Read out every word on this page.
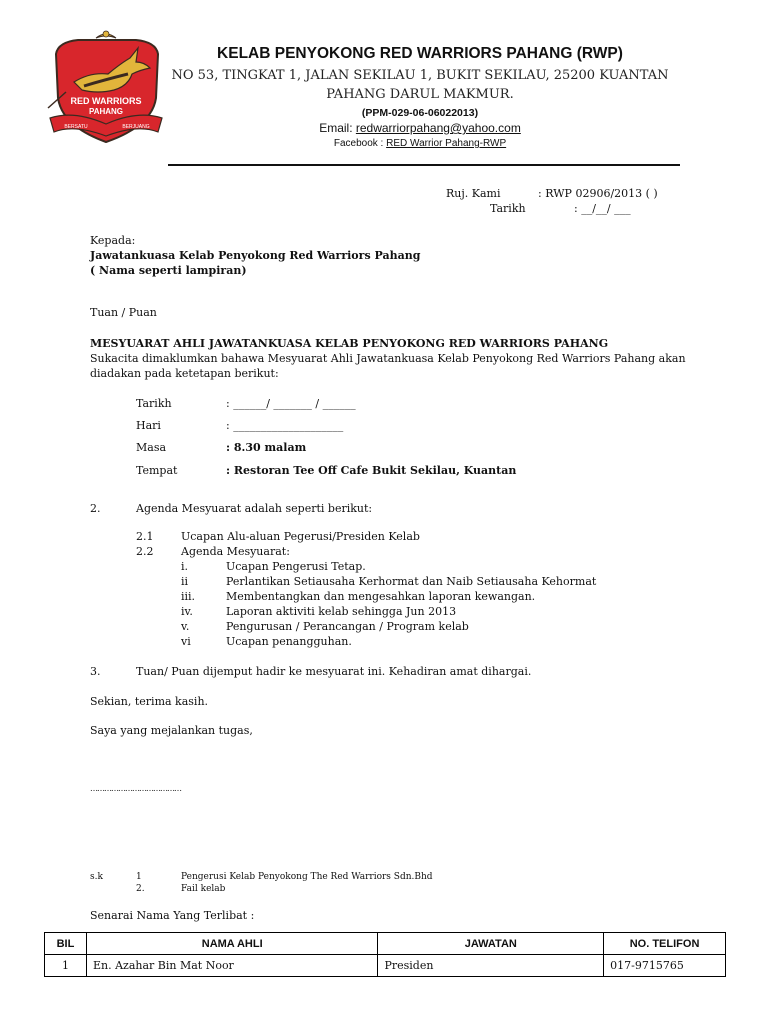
RED WARRIORS
PAHANG
BERSATU	BERJUANG
KELAB PENYOKONG RED WARRIORS PAHANG (RWP)
NO 53, TINGKAT 1, JALAN SEKILAU 1, BUKIT SEKILAU, 25200 KUANTAN
PAHANG DARUL MAKMUR.
(PPM-029-06-06022013)
Email: redwarriorpahang@yahoo.com
Facebook : RED Warrior Pahang-RWP
Ruj. Kami	: RWP 02906/2013 ( )
Tarikh	: __/__/ ___
Kepada:
Jawatankuasa Kelab Penyokong Red Warriors Pahang
( Nama seperti lampiran)
Tuan / Puan
MESYUARAT AHLI JAWATANKUASA KELAB PENYOKONG RED WARRIORS PAHANG
Sukacita dimaklumkan bahawa Mesyuarat Ahli Jawatankuasa Kelab Penyokong Red Warriors Pahang akan
diadakan pada ketetapan berikut:
Tarikh	: ______/ _______ / ______
Hari	: ____________________
Masa	: 8.30 malam
Tempat	: Restoran Tee Off Cafe Bukit Sekilau, Kuantan
2.	Agenda Mesyuarat adalah seperti berikut:
2.1	Ucapan Alu-aluan Pegerusi/Presiden Kelab
2.2	Agenda Mesyuarat:
i.	Ucapan Pengerusi Tetap.
ii	Perlantikan Setiausaha Kerhormat dan Naib Setiausaha Kehormat
iii.	Membentangkan dan mengesahkan laporan kewangan.
iv.	Laporan aktiviti kelab sehingga Jun 2013
v.	Pengurusan / Perancangan / Program kelab
vi	Ucapan penangguhan.
3.	Tuan/ Puan dijemput hadir ke mesyuarat ini. Kehadiran amat dihargai.
Sekian, terima kasih.
Saya yang mejalankan tugas,
…………………………………
s.k	1	Pengerusi Kelab Penyokong The Red Warriors Sdn.Bhd
2.	Fail kelab
Senarai Nama Yang Terlibat :
BIL	NAMA AHLI	JAWATAN	NO. TELIFON
1	En. Azahar Bin Mat Noor	Presiden	017-9715765
